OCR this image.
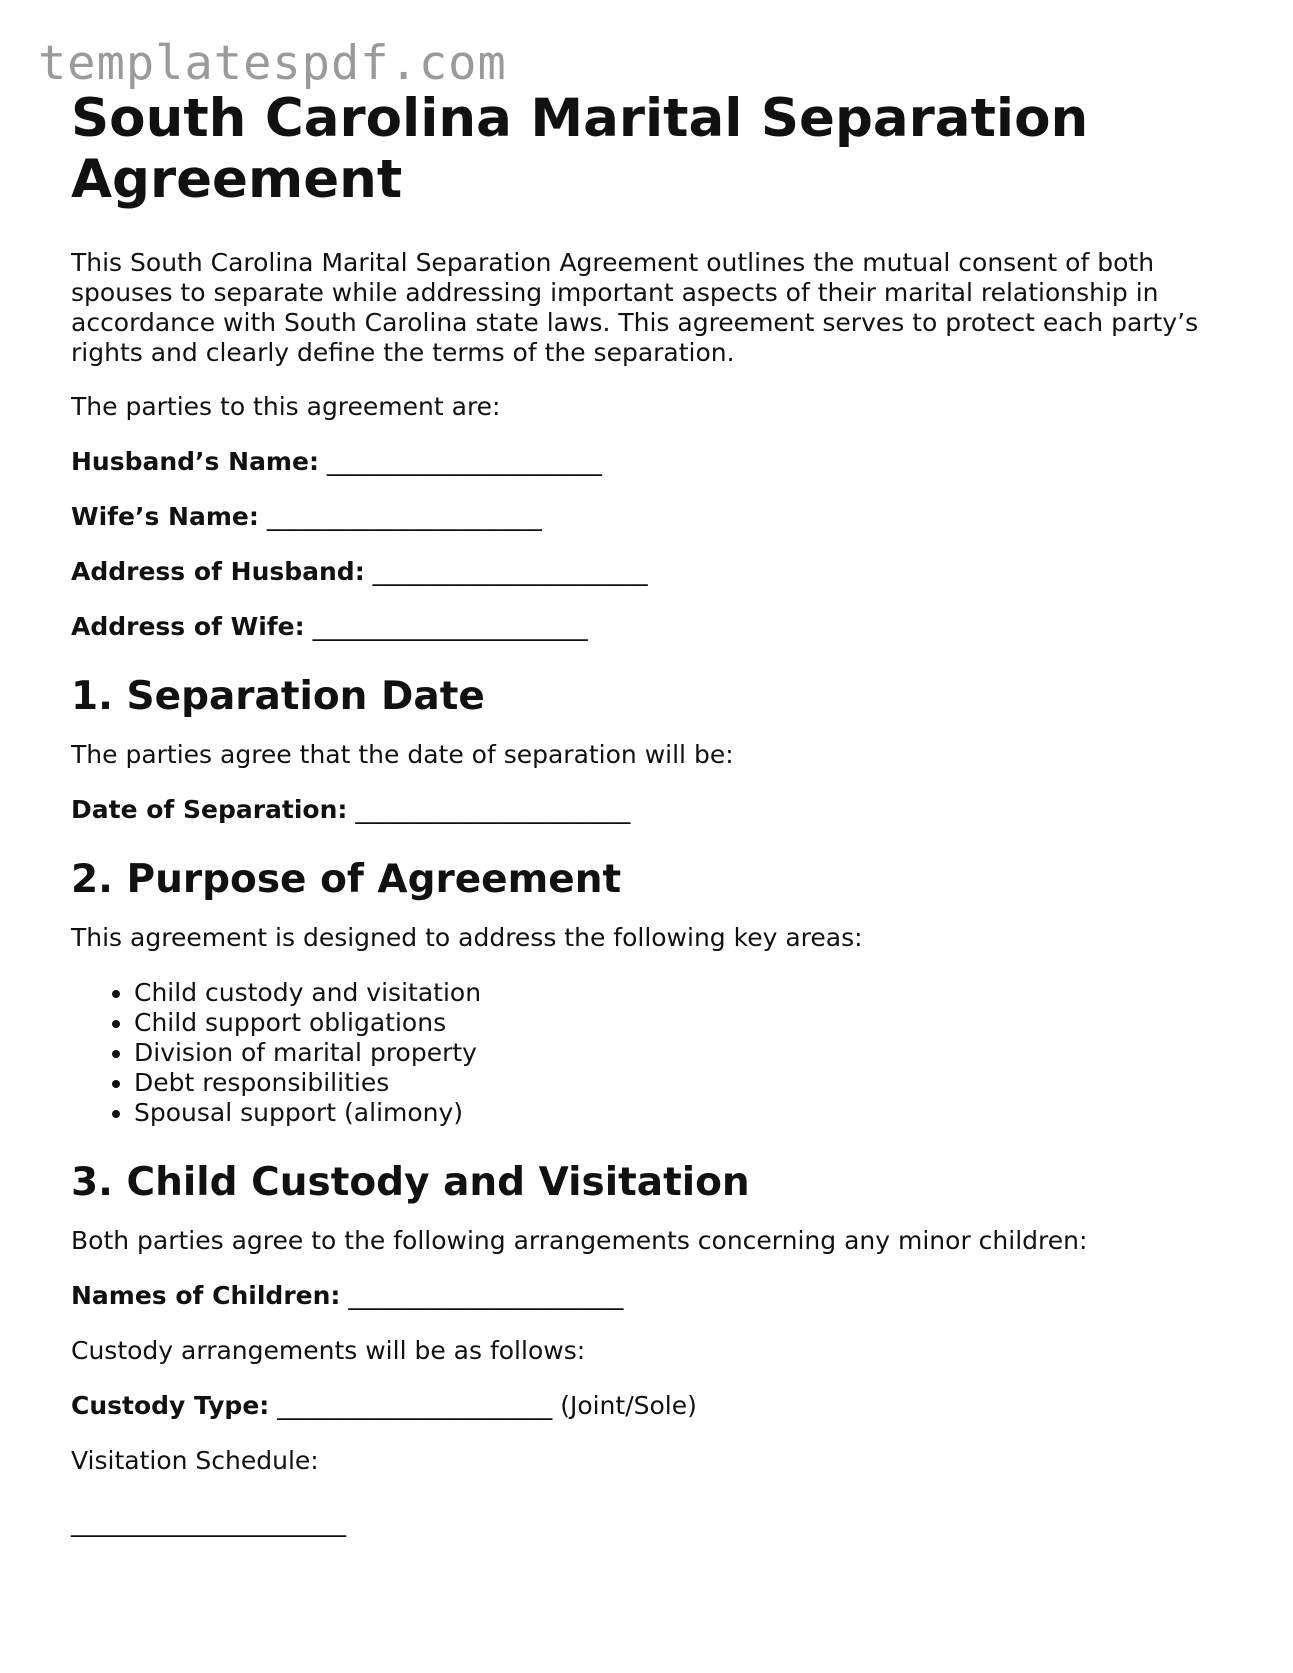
templatespdf.com
South Carolina Marital Separation Agreement

This South Carolina Marital Separation Agreement outlines the mutual consent of both spouses to separate while addressing important aspects of their marital relationship in accordance with South Carolina state laws. This agreement serves to protect each party’s rights and clearly define the terms of the separation.

The parties to this agreement are:

Husband’s Name: ______________________
Wife’s Name: ______________________
Address of Husband: ______________________
Address of Wife: ______________________
1. Separation Date

The parties agree that the date of separation will be:

Date of Separation: ______________________
2. Purpose of Agreement

This agreement is designed to address the following key areas:

• Child custody and visitation
• Child support obligations
• Division of marital property
• Debt responsibilities
• Spousal support (alimony)
3. Child Custody and Visitation

Both parties agree to the following arrangements concerning any minor children:

Names of Children: ______________________

Custody arrangements will be as follows:

Custody Type: ______________________ (Joint/Sole)

Visitation Schedule:

______________________
